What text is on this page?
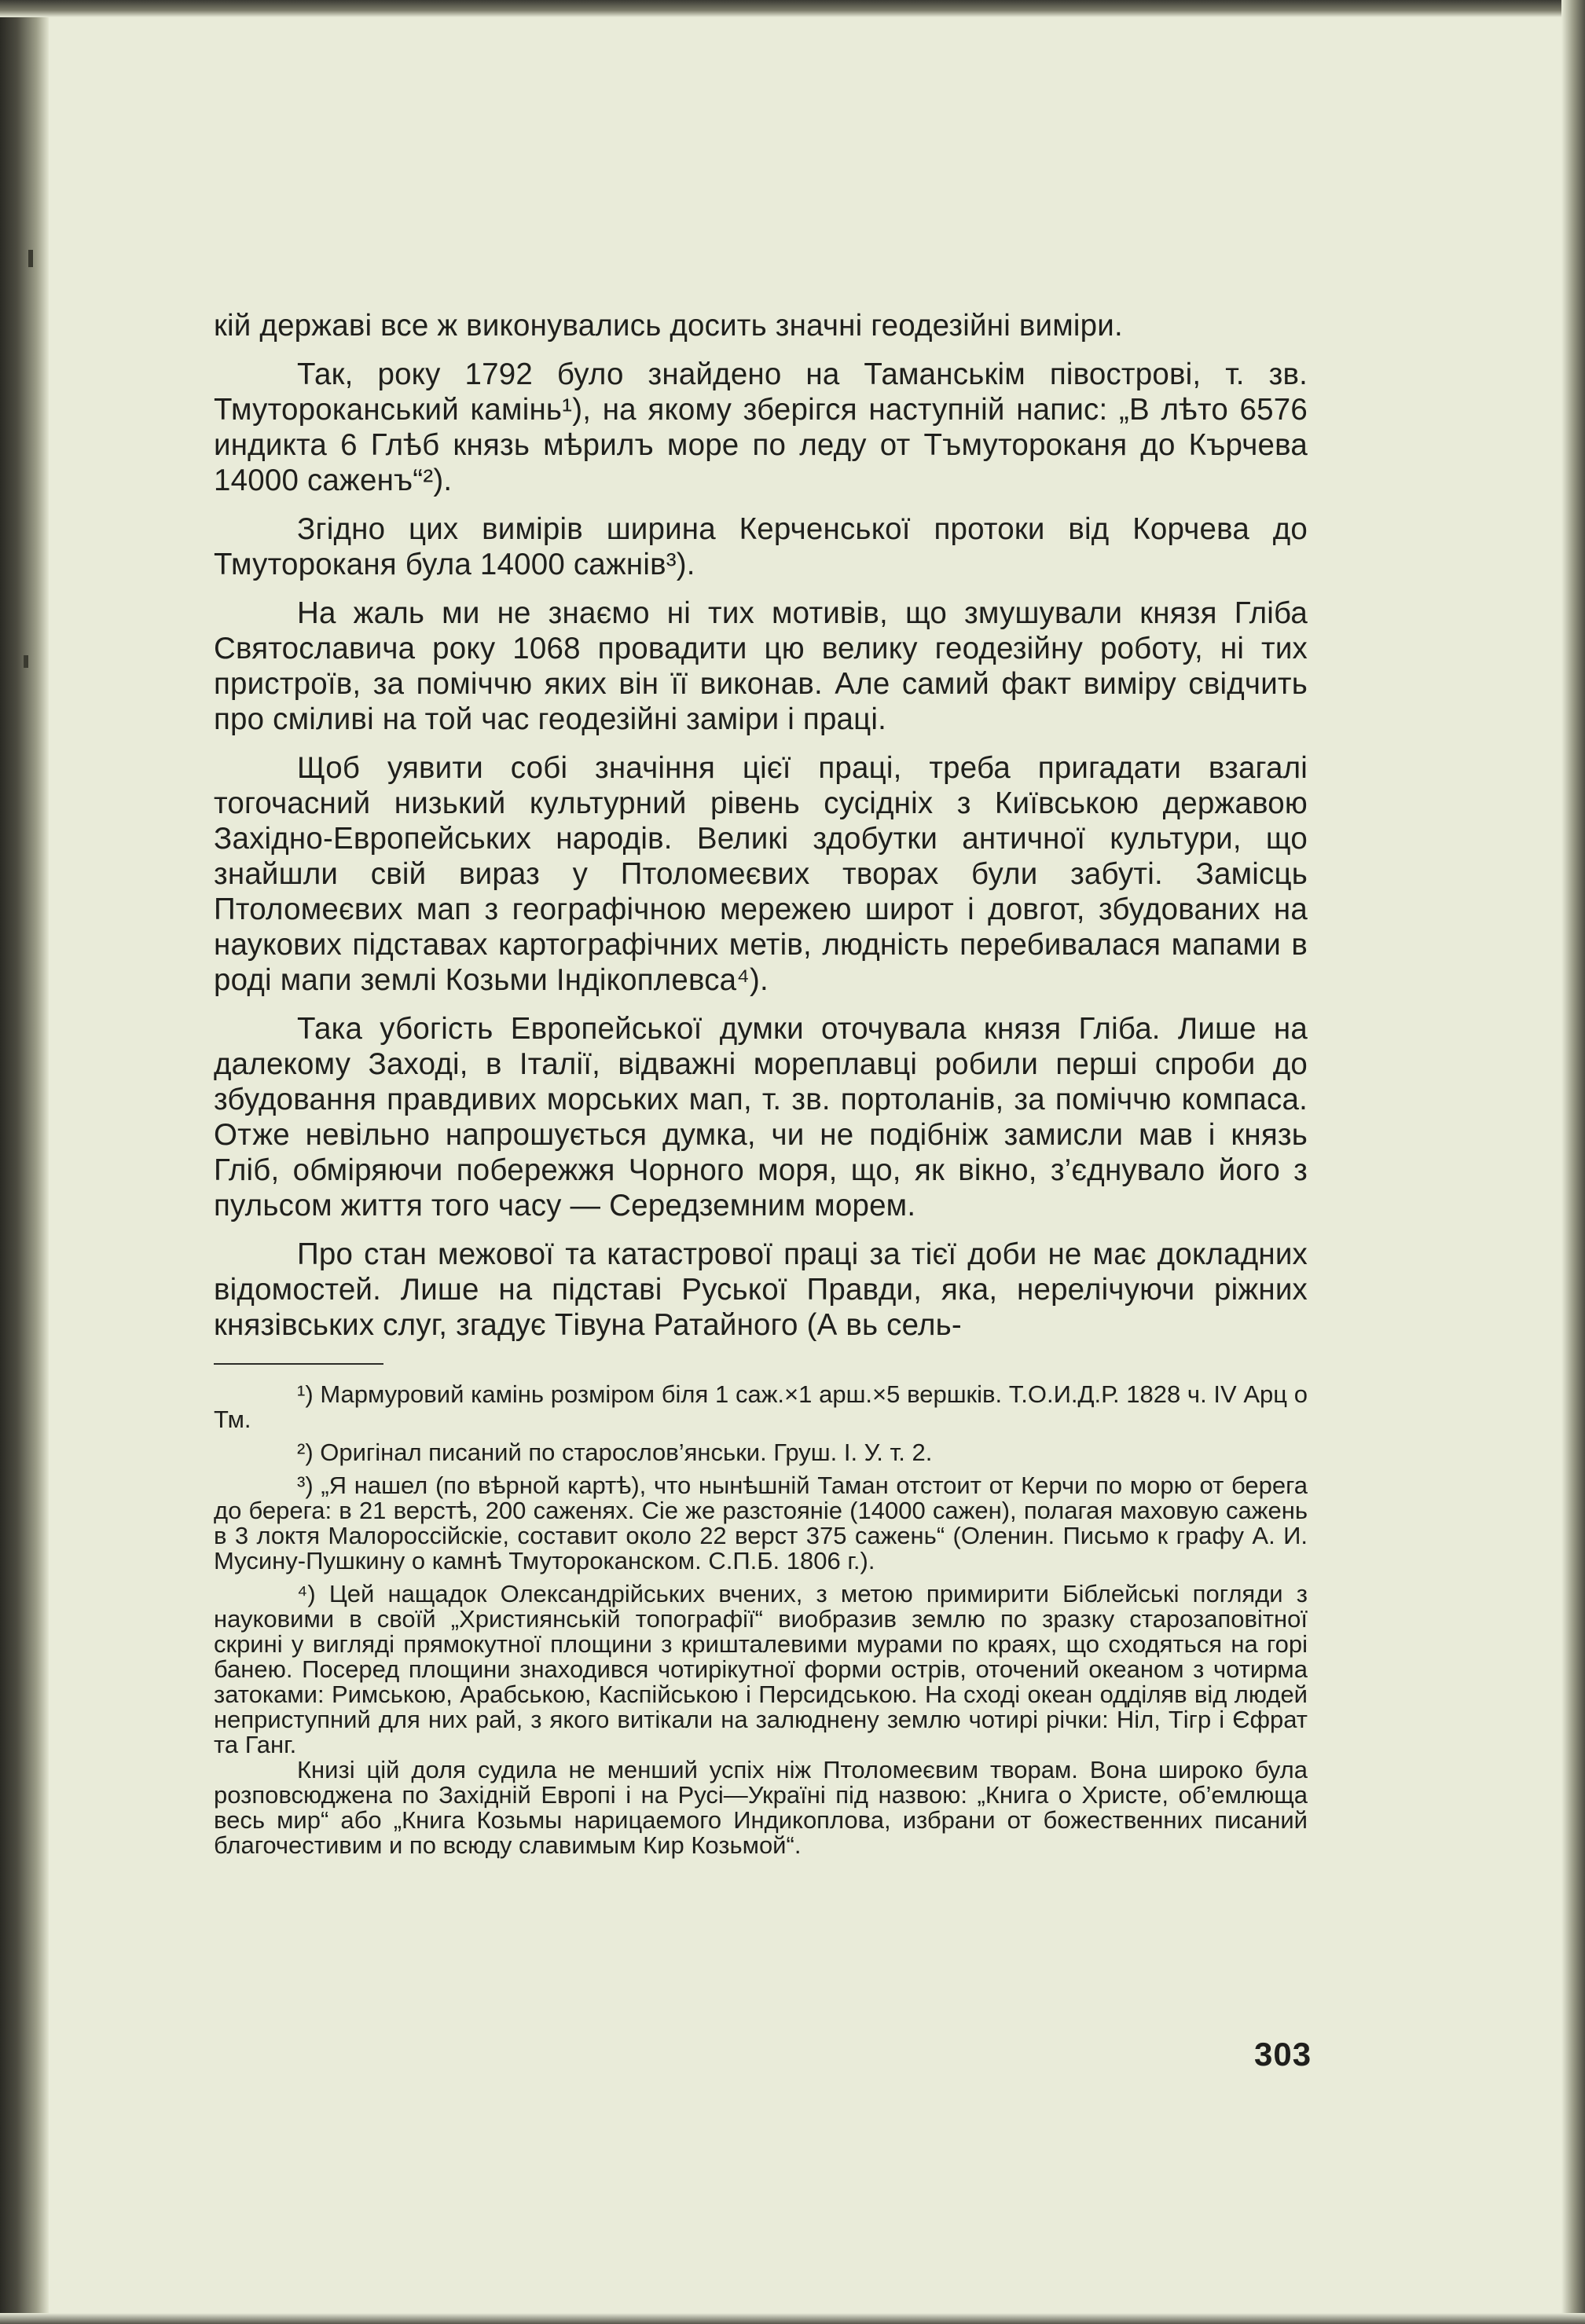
кій державі все ж виконувались досить значні геодезійні виміри.

Так, року 1792 було знайдено на Таманськім півострові, т. зв. Тмутороканський камінь¹), на якому зберігся наступній напис: „В лѣто 6576 индикта 6 Глѣб князь мѣрилъ море по леду от Тъмутороканя до Кърчева 14000 саженъ“²).

Згідно цих вимірів ширина Керченської протоки від Корчева до Тмутороканя була 14000 сажнів³).

На жаль ми не знаємо ні тих мотивів, що змушували князя Гліба Святославича року 1068 провадити цю велику геодезійну роботу, ні тих пристроїв, за поміччю яких він її виконав. Але самий факт виміру свідчить про сміливі на той час геодезійні заміри і праці.

Щоб уявити собі значіння цієї праці, треба пригадати взагалі тогочасний низький культурний рівень сусідніх з Київською державою Західно-Европейських народів. Великі здобутки античної культури, що знайшли свій вираз у Птоломеєвих творах були забуті. Замісць Птоломеєвих мап з географічною мережею широт і довгот, збудованих на наукових підставах картографічних метів, людність перебивалася мапами в роді мапи землі Козьми Індікоплевса⁴).

Така убогість Европейської думки оточувала князя Гліба. Лише на далекому Заході, в Італії, відважні мореплавці робили перші спроби до збудовання правдивих морських мап, т. зв. портоланів, за поміччю компаса. Отже невільно напрошується думка, чи не подібніж замисли мав і князь Гліб, обміряючи побережжя Чорного моря, що, як вікно, з’єднувало його з пульсом життя того часу — Середземним морем.

Про стан межової та катастрової праці за тієї доби не має докладних відомостей. Лише на підставі Руської Правди, яка, нерелічуючи ріжних князівських слуг, згадує Тівуна Ратайного (А вь сель-

¹) Мармуровий камінь розміром біля 1 саж.×1 арш.×5 вершків. Т.О.И.Д.Р. 1828 ч. IV Арц о Тм.

²) Оригінал писаний по старослов’янськи. Груш. І. У. т. 2.

³) „Я нашел (по вѣрной картѣ), что нынѣшній Таман отстоит от Керчи по морю от берега до берега: в 21 верстѣ, 200 саженях. Сіе же разстояніе (14000 сажен), полагая маховую сажень в 3 локтя Малороссійскіе, составит около 22 верст 375 сажень“ (Оленин. Письмо к графу А. И. Мусину-Пушкину о камнѣ Тмутороканском. С.П.Б. 1806 г.).

⁴) Цей нащадок Олександрійських вчених, з метою примирити Біблейські погляди з науковими в своїй „Християнській топографії“ виобразив землю по зразку старозаповітної скрині у вигляді прямокутної площини з кришталевими мурами по краях, що сходяться на горі банею. Посеред площини знаходився чотирікутної форми острів, оточений океаном з чотирма затоками: Римською, Арабською, Каспійською і Персидською. На сході океан одділяв від людей неприступний для них рай, з якого витікали на залюднену землю чотирі річки: Ніл, Тігр і Єфрат та Ганг.

Книзі цій доля судила не менший успіх ніж Птоломеєвим творам. Вона широко була розповсюджена по Західній Европі і на Русі—Україні під назвою: „Книга о Христе, об’емлюща весь мир“ або „Книга Козьмы нарицаемого Индикоплова, избрани от божественних писаний благочестивим и по всюду славимым Кир Козьмой“.

303
